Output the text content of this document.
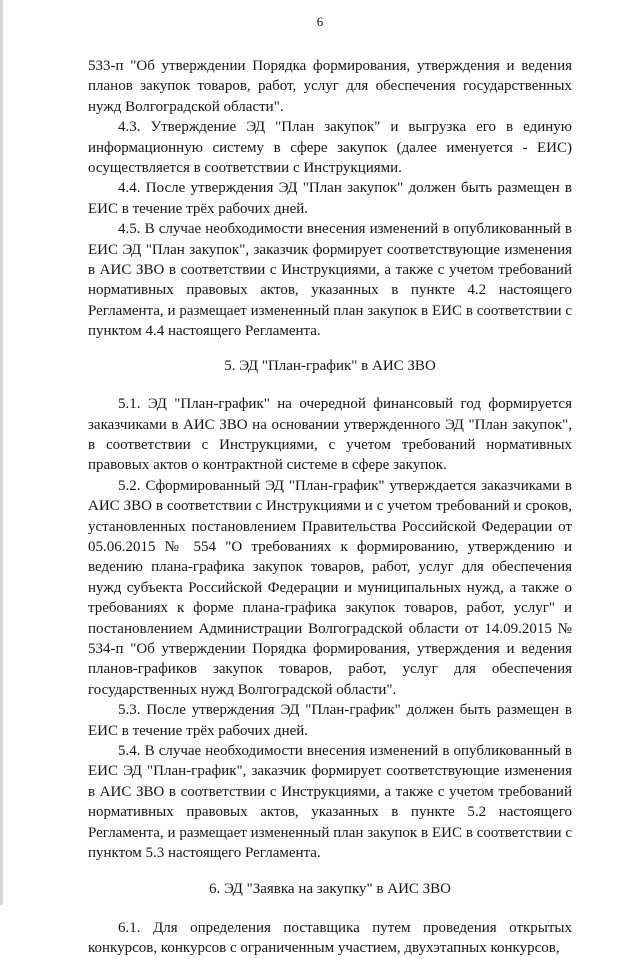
6

533-п "Об утверждении Порядка формирования, утверждения и ведения планов закупок товаров, работ, услуг для обеспечения государственных нужд Волгоградской области".

4.3. Утверждение ЭД "План закупок" и выгрузка его в единую информационную систему в сфере закупок (далее именуется - ЕИС) осуществляется в соответствии с Инструкциями.

4.4. После утверждения ЭД "План закупок" должен быть размещен в ЕИС в течение трёх рабочих дней.

4.5. В случае необходимости внесения изменений в опубликованный в ЕИС ЭД "План закупок", заказчик формирует соответствующие изменения в АИС ЗВО в соответствии с Инструкциями, а также с учетом требований нормативных правовых актов, указанных в пункте 4.2 настоящего Регламента, и размещает измененный план закупок в ЕИС в соответствии с пунктом 4.4 настоящего Регламента.

5. ЭД "План-график" в АИС ЗВО

5.1. ЭД "План-график" на очередной финансовый год формируется заказчиками в АИС ЗВО на основании утвержденного ЭД "План закупок", в соответствии с Инструкциями, с учетом требований нормативных правовых актов о контрактной системе в сфере закупок.

5.2. Сформированный ЭД "План-график" утверждается заказчиками в АИС ЗВО в соответствии с Инструкциями и с учетом требований и сроков, установленных постановлением Правительства Российской Федерации от 05.06.2015 № 554 "О требованиях к формированию, утверждению и ведению плана-графика закупок товаров, работ, услуг для обеспечения нужд субъекта Российской Федерации и муниципальных нужд, а также о требованиях к форме плана-графика закупок товаров, работ, услуг" и постановлением Администрации Волгоградской области от 14.09.2015 № 534-п "Об утверждении Порядка формирования, утверждения и ведения планов-графиков закупок товаров, работ, услуг для обеспечения государственных нужд Волгоградской области".

5.3. После утверждения ЭД "План-график" должен быть размещен в ЕИС в течение трёх рабочих дней.

5.4. В случае необходимости внесения изменений в опубликованный в ЕИС ЭД "План-график", заказчик формирует соответствующие изменения в АИС ЗВО в соответствии с Инструкциями, а также с учетом требований нормативных правовых актов, указанных в пункте 5.2 настоящего Регламента, и размещает измененный план закупок в ЕИС в соответствии с пунктом 5.3 настоящего Регламента.

6. ЭД "Заявка на закупку" в АИС ЗВО

6.1. Для определения поставщика путем проведения открытых конкурсов, конкурсов с ограниченным участием, двухэтапных конкурсов,
